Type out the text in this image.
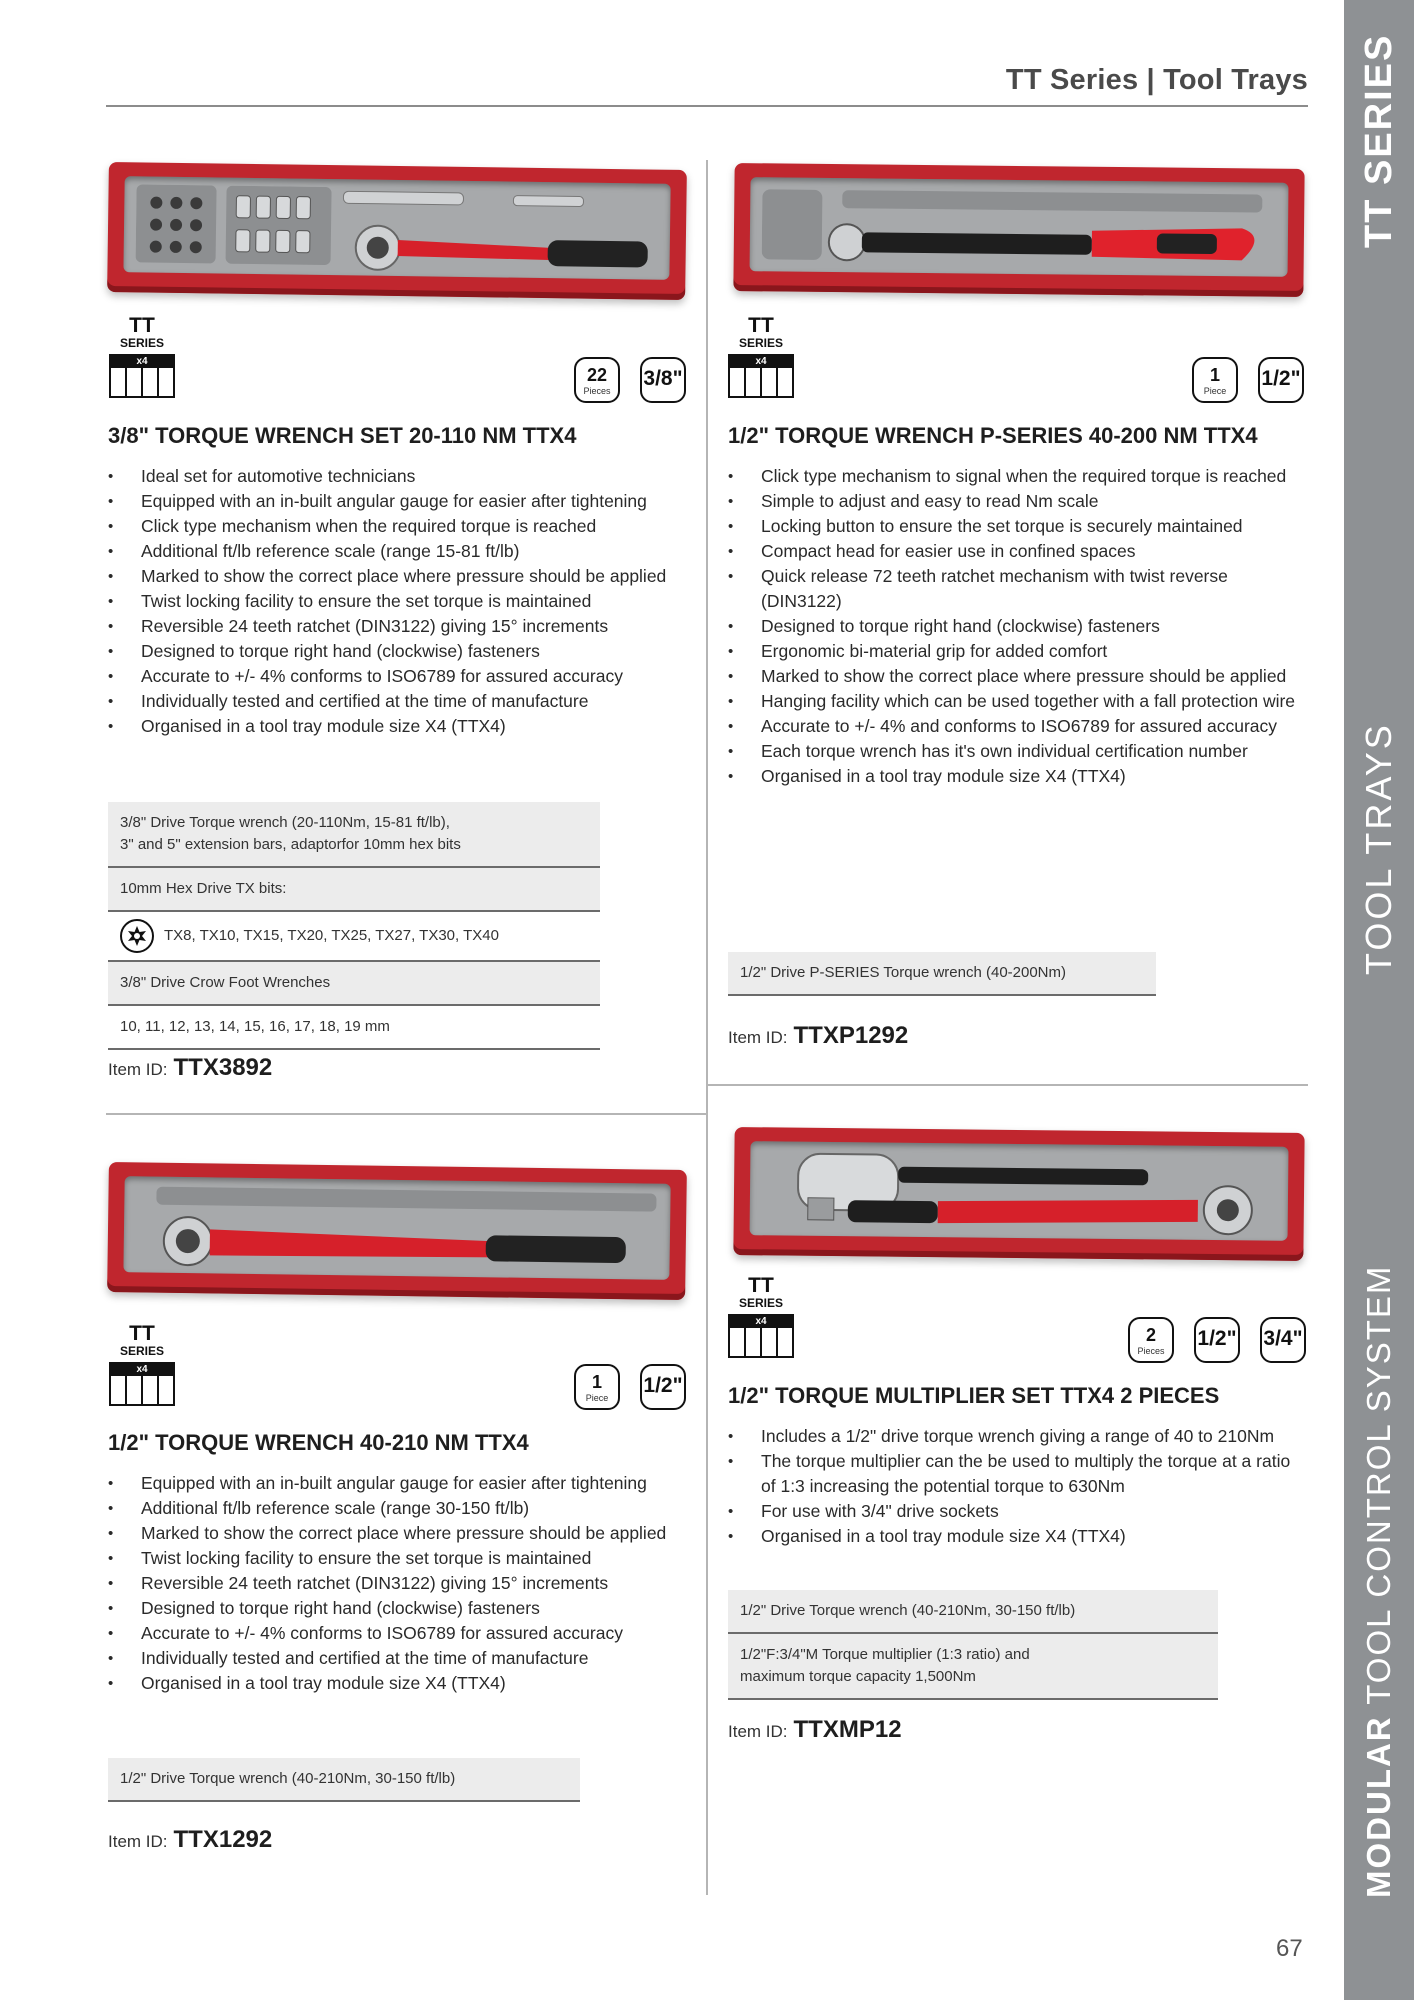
TT Series | Tool Trays TT SERIES
TOOL TRAYS
MODULAR TOOL CONTROL SYSTEM
TT
SERIES
x4
22
Pieces
3/8"
3/8" TORQUE WRENCH SET 20-110 NM TTX4
• Ideal set for automotive technicians
• Equipped with an in-built angular gauge for easier after tightening
• Click type mechanism when the required torque is reached
• Additional ft/lb reference scale (range 15-81 ft/lb)
• Marked to show the correct place where pressure should be applied
• Twist locking facility to ensure the set torque is maintained
• Reversible 24 teeth ratchet (DIN3122) giving 15° increments
• Designed to torque right hand (clockwise) fasteners
• Accurate to +/- 4% conforms to ISO6789 for assured accuracy
• Individually tested and certified at the time of manufacture
• Organised in a tool tray module size X4 (TTX4)
3/8" Drive Torque wrench (20-110Nm, 15-81 ft/lb),
3" and 5" extension bars, adaptorfor 10mm hex bits
10mm Hex Drive TX bits:
TX8, TX10, TX15, TX20, TX25, TX27, TX30, TX40
3/8" Drive Crow Foot Wrenches
10, 11, 12, 13, 14, 15, 16, 17, 18, 19 mm
Item ID: TTX3892
TT
SERIES
x4
1
Piece
1/2"
1/2" TORQUE WRENCH P-SERIES 40-200 NM TTX4
• Click type mechanism to signal when the required torque is reached
• Simple to adjust and easy to read Nm scale
• Locking button to ensure the set torque is securely maintained
• Compact head for easier use in confined spaces
• Quick release 72 teeth ratchet mechanism with twist reverse (DIN3122)
• Designed to torque right hand (clockwise) fasteners
• Ergonomic bi-material grip for added comfort
• Marked to show the correct place where pressure should be applied
• Hanging facility which can be used together with a fall protection wire
• Accurate to +/- 4% and conforms to ISO6789 for assured accuracy
• Each torque wrench has it's own individual certification number
• Organised in a tool tray module size X4 (TTX4)
1/2" Drive P-SERIES Torque wrench (40-200Nm)
Item ID: TTXP1292
TT
SERIES
x4
1
Piece
1/2"
1/2" TORQUE WRENCH 40-210 NM TTX4
• Equipped with an in-built angular gauge for easier after tightening
• Additional ft/lb reference scale (range 30-150 ft/lb)
• Marked to show the correct place where pressure should be applied
• Twist locking facility to ensure the set torque is maintained
• Reversible 24 teeth ratchet (DIN3122) giving 15° increments
• Designed to torque right hand (clockwise) fasteners
• Accurate to +/- 4% conforms to ISO6789 for assured accuracy
• Individually tested and certified at the time of manufacture
• Organised in a tool tray module size X4 (TTX4)
1/2" Drive Torque wrench (40-210Nm, 30-150 ft/lb)
Item ID: TTX1292
TT
SERIES
x4
2
Pieces
1/2" 3/4"
1/2" TORQUE MULTIPLIER SET TTX4 2 PIECES
• Includes a 1/2" drive torque wrench giving a range of 40 to 210Nm
• The torque multiplier can the be used to multiply the torque at a ratio of 1:3 increasing the potential torque to 630Nm
• For use with 3/4" drive sockets
• Organised in a tool tray module size X4 (TTX4)
1/2" Drive Torque wrench (40-210Nm, 30-150 ft/lb)
1/2"F:3/4"M Torque multiplier (1:3 ratio) and
maximum torque capacity 1,500Nm
Item ID: TTXMP12
67
